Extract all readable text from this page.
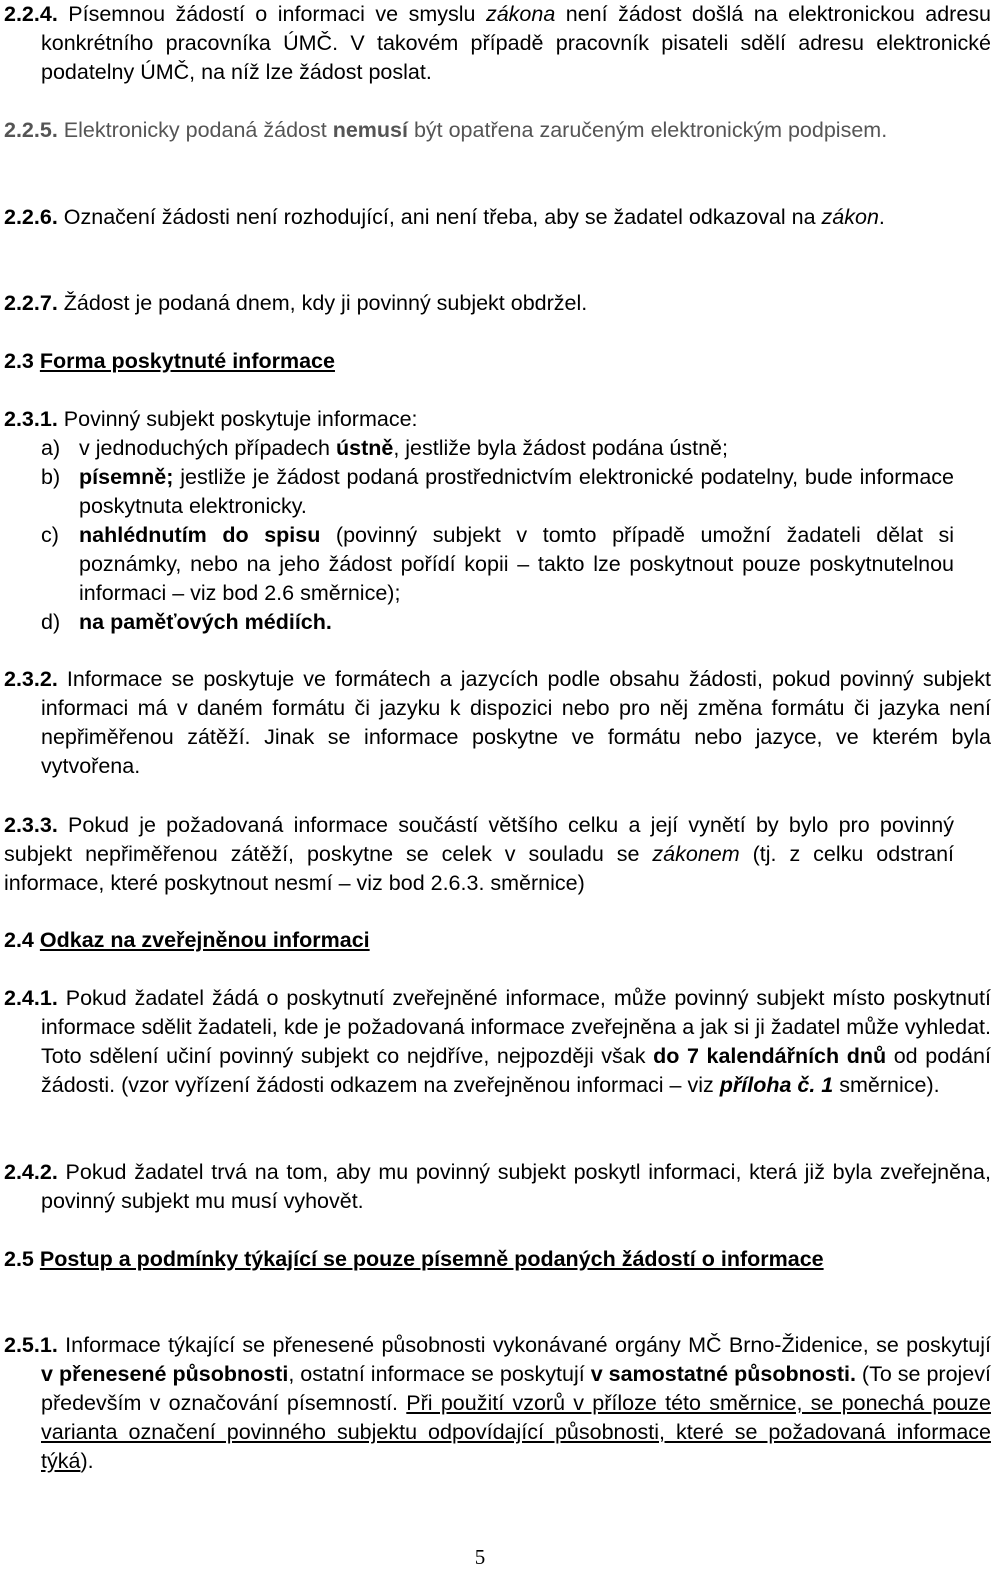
2.2.4. Písemnou žádostí o informaci ve smyslu zákona není žádost došlá na elektronickou adresu konkrétního pracovníka ÚMČ. V takovém případě pracovník pisateli sdělí adresu elektronické podatelny ÚMČ, na níž lze žádost poslat.

2.2.5. Elektronicky podaná žádost nemusí být opatřena zaručeným elektronickým podpisem.

2.2.6. Označení žádosti není rozhodující, ani není třeba, aby se žadatel odkazoval na zákon.

2.2.7. Žádost je podaná dnem, kdy ji povinný subjekt obdržel.

2.3 Forma poskytnuté informace

2.3.1. Povinný subjekt poskytuje informace:

a) v jednoduchých případech ústně, jestliže byla žádost podána ústně;
b) písemně; jestliže je žádost podaná prostřednictvím elektronické podatelny, bude informace poskytnuta elektronicky.
c) nahlédnutím do spisu (povinný subjekt v tomto případě umožní žadateli dělat si poznámky, nebo na jeho žádost pořídí kopii – takto lze poskytnout pouze poskytnutelnou informaci – viz bod 2.6 směrnice);
d) na paměťových médiích.

2.3.2. Informace se poskytuje ve formátech a jazycích podle obsahu žádosti, pokud povinný subjekt informaci má v daném formátu či jazyku k dispozici nebo pro něj změna formátu či jazyka není nepřiměřenou zátěží. Jinak se informace poskytne ve formátu nebo jazyce, ve kterém byla vytvořena.

2.3.3. Pokud je požadovaná informace součástí většího celku a její vynětí by bylo pro povinný subjekt nepřiměřenou zátěží, poskytne se celek v souladu se zákonem (tj. z celku odstraní informace, které poskytnout nesmí – viz bod 2.6.3. směrnice)

2.4 Odkaz na zveřejněnou informaci

2.4.1. Pokud žadatel žádá o poskytnutí zveřejněné informace, může povinný subjekt místo poskytnutí informace sdělit žadateli, kde je požadovaná informace zveřejněna a jak si ji žadatel může vyhledat. Toto sdělení učiní povinný subjekt co nejdříve, nejpozději však do 7 kalendářních dnů od podání žádosti. (vzor vyřízení žádosti odkazem na zveřejněnou informaci – viz příloha č. 1 směrnice).

2.4.2. Pokud žadatel trvá na tom, aby mu povinný subjekt poskytl informaci, která již byla zveřejněna, povinný subjekt mu musí vyhovět.

2.5 Postup a podmínky týkající se pouze písemně podaných žádostí o informace

2.5.1. Informace týkající se přenesené působnosti vykonávané orgány MČ Brno-Židenice, se poskytují v přenesené působnosti, ostatní informace se poskytují v samostatné působnosti. (To se projeví především v označování písemností. Při použití vzorů v příloze této směrnice, se ponechá pouze varianta označení povinného subjektu odpovídající působnosti, které se požadovaná informace týká).

5
